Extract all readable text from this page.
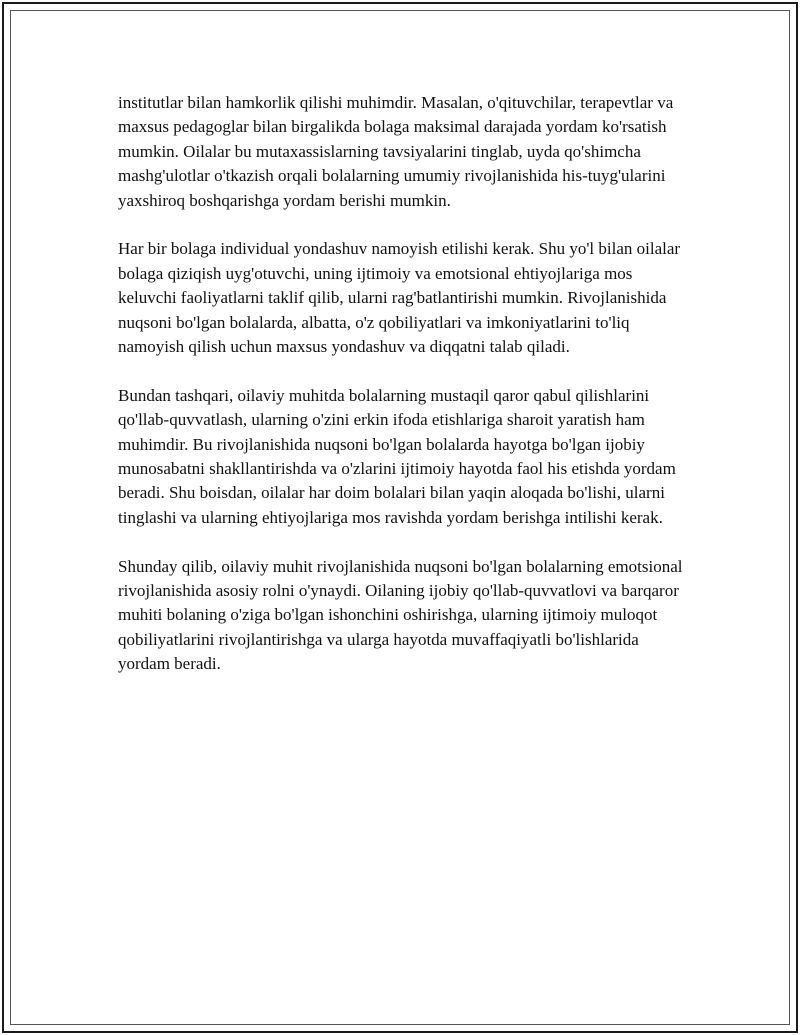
institutlar bilan hamkorlik qilishi muhimdir. Masalan, o'qituvchilar, terapevtlar va maxsus pedagoglar bilan birgalikda bolaga maksimal darajada yordam ko'rsatish mumkin. Oilalar bu mutaxassislarning tavsiyalarini tinglab, uyda qo'shimcha mashg'ulotlar o'tkazish orqali bolalarning umumiy rivojlanishida his-tuyg'ularini yaxshiroq boshqarishga yordam berishi mumkin.

Har bir bolaga individual yondashuv namoyish etilishi kerak. Shu yo'l bilan oilalar bolaga qiziqish uyg'otuvchi, uning ijtimoiy va emotsional ehtiyojlariga mos keluvchi faoliyatlarni taklif qilib, ularni rag'batlantirishi mumkin. Rivojlanishida nuqsoni bo'lgan bolalarda, albatta, o'z qobiliyatlari va imkoniyatlarini to'liq namoyish qilish uchun maxsus yondashuv va diqqatni talab qiladi.

Bundan tashqari, oilaviy muhitda bolalarning mustaqil qaror qabul qilishlarini qo'llab-quvvatlash, ularning o'zini erkin ifoda etishlariga sharoit yaratish ham muhimdir. Bu rivojlanishida nuqsoni bo'lgan bolalarda hayotga bo'lgan ijobiy munosabatni shakllantirishda va o'zlarini ijtimoiy hayotda faol his etishda yordam beradi. Shu boisdan, oilalar har doim bolalari bilan yaqin aloqada bo'lishi, ularni tinglashi va ularning ehtiyojlariga mos ravishda yordam berishga intilishi kerak.

Shunday qilib, oilaviy muhit rivojlanishida nuqsoni bo'lgan bolalarning emotsional rivojlanishida asosiy rolni o'ynaydi. Oilaning ijobiy qo'llab-quvvatlovi va barqaror muhiti bolaning o'ziga bo'lgan ishonchini oshirishga, ularning ijtimoiy muloqot qobiliyatlarini rivojlantirishga va ularga hayotda muvaffaqiyatli bo'lishlarida yordam beradi.
